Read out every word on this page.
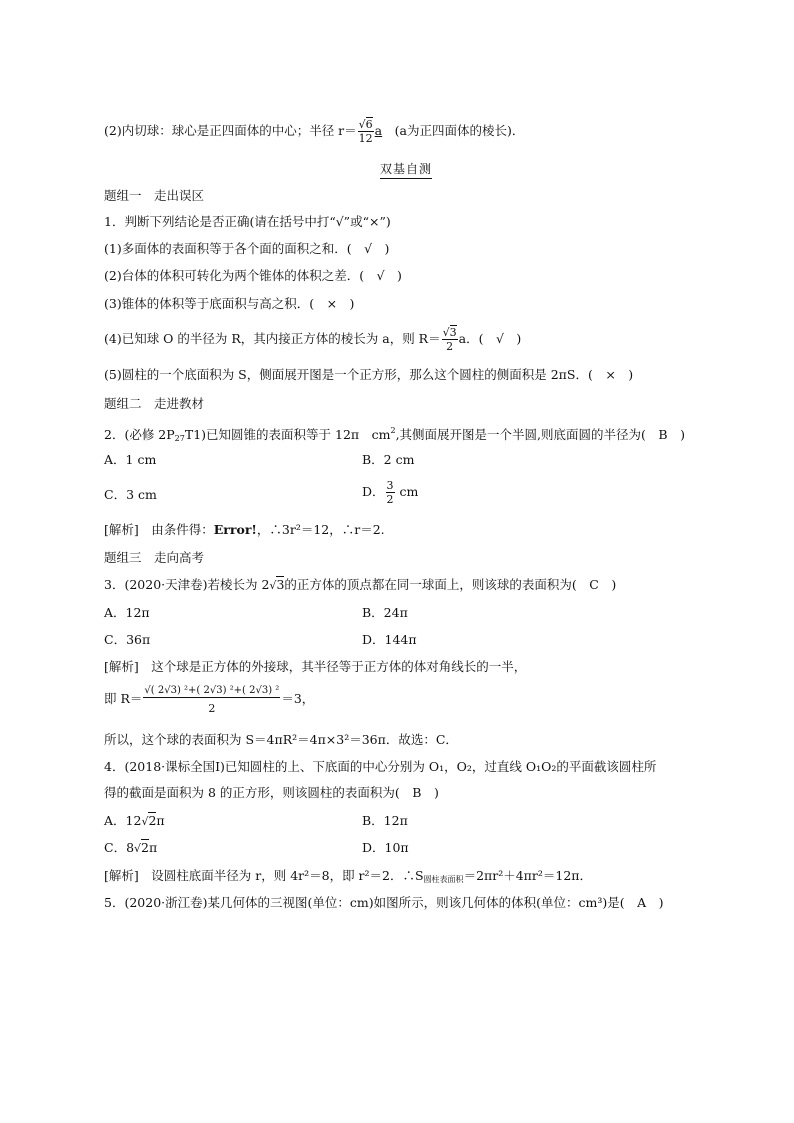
(2)内切球：球心是正四面体的中心；半径 $r= \frac{√6}{12}$ a　 (a为正四面体的棱长)．
双基自测
题组一　走出误区
1．判断下列结论是否正确(请在括号中打“√”或“×”)
(1)多面体的表面积等于各个面的面积之和．(　√　)
(2)台体的体积可转化为两个锥体的体积之差．(　√　)
(3)锥体的体积等于底面积与高之积．(　×　)
(4)已知球 O 的半径为 R，其内接正方体的棱长为 a，则 $R= \frac{√3}{2}$ a．(　√　)
(5)圆柱的一个底面积为 S，侧面展开图是一个正方形，那么这个圆柱的侧面积是 2πS．(　×　)
题组二　走进教材
2．(必修 $2P_{27}T1$)已知圆锥的表面积等于 12π　$cm^2$,其侧面展开图是一个半圆,则底面圆的半径为(　B　)
A．1 cm	B．2 cm
C．3 cm	D． $\frac{3}{2}$ cm
[解析]　由条件得：Error!，∴3r²＝12，∴r＝2.
题组三　走向高考
3．(2020·天津卷)若棱长为 2√3的正方体的顶点都在同一球面上，则该球的表面积为(　C　)
A．12π	B．24π
C．36π	D．144π
[解析]　这个球是正方体的外接球，其半径等于正方体的体对角线长的一半，
即 $R= \frac{\text{√( 2√3) ²+( 2√3) ²+( 2√3) ²}}{2} =3$，
所以，这个球的表面积为 S＝4πR²＝4π×3²＝36π．故选：C．
4．(2018·课标全国Ⅰ)已知圆柱的上、下底面的中心分别为 O₁，O₂，过直线 O₁O₂的平面截该圆柱所
得的截面是面积为 8 的正方形，则该圆柱的表面积为(　B　)
A．12√2π	B．12π
C．8√2π	D．10π
[解析]　设圆柱底面半径为 r，则 4r²＝8，即 r²＝2．$\therefore S_{圆柱表面积}=2\pi r^2+4\pi r^2=12\pi$．
5．(2020·浙江卷)某几何体的三视图(单位：cm)如图所示，则该几何体的体积(单位：cm³)是(　A　)
